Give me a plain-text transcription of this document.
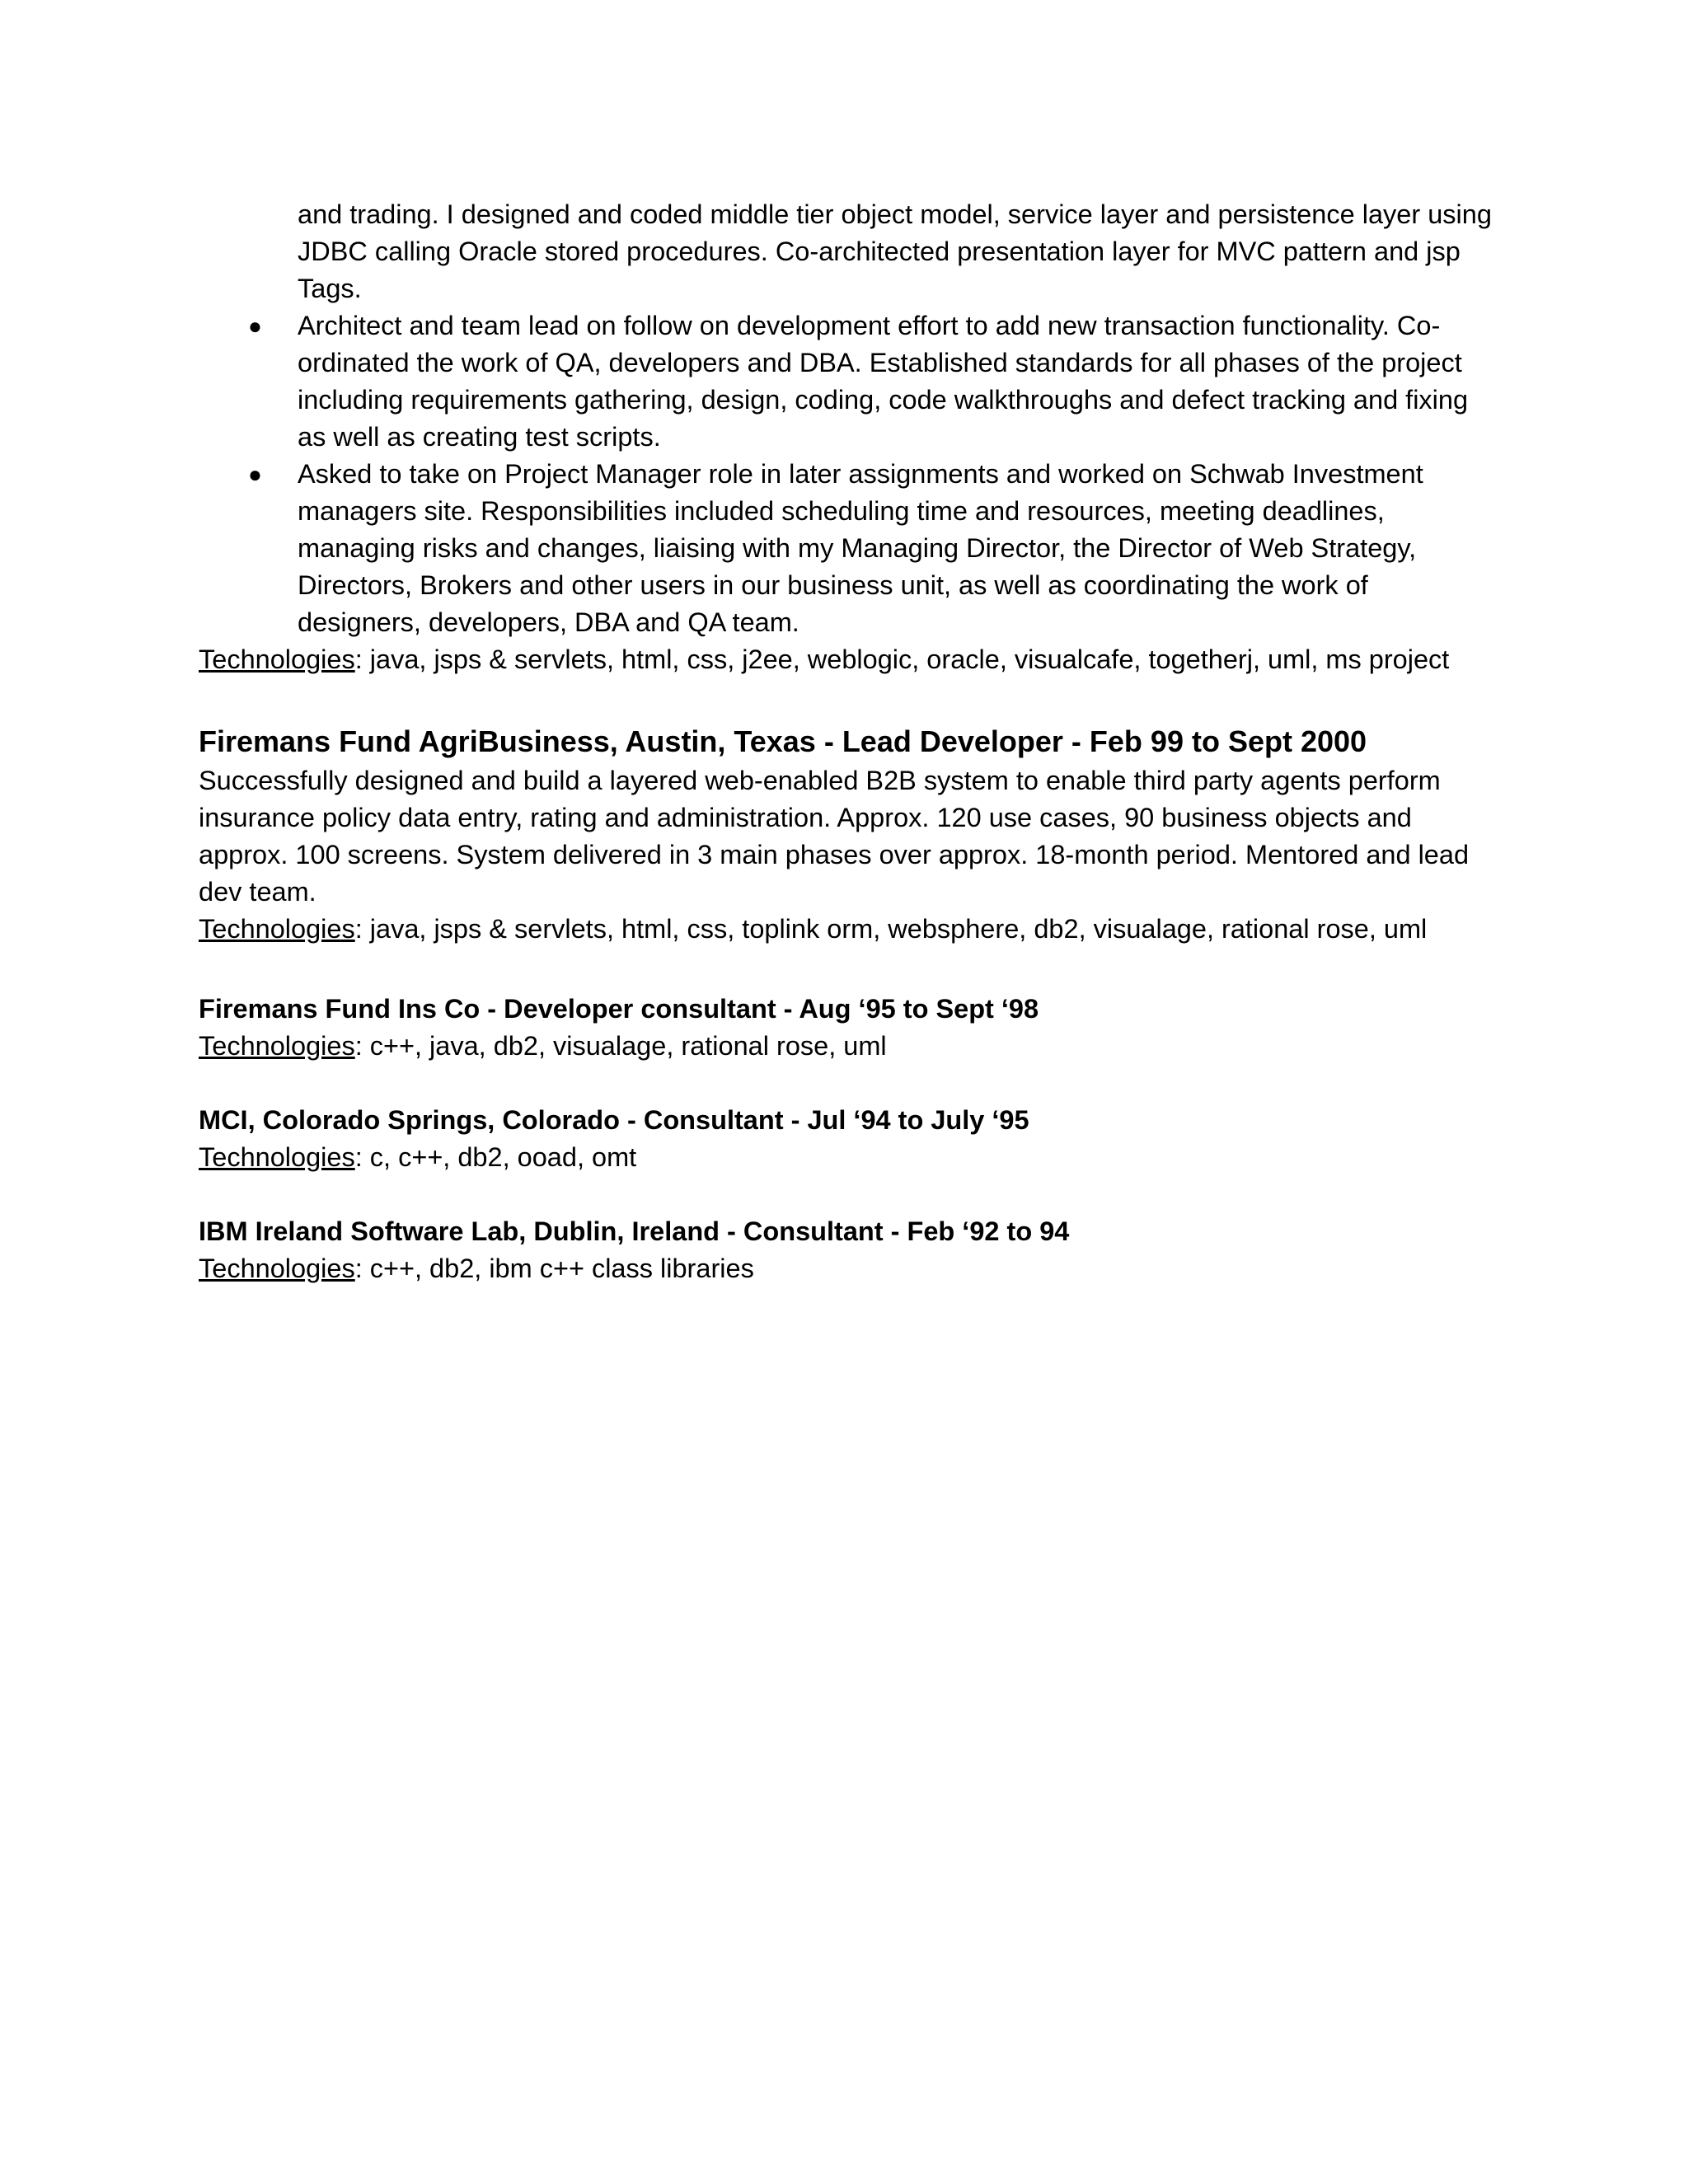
and trading. I designed and coded middle tier object model, service layer and persistence layer using JDBC calling Oracle stored procedures. Co-architected presentation layer for MVC pattern and jsp Tags.

● Architect and team lead on follow on development effort to add new transaction functionality. Co-ordinated the work of QA, developers and DBA. Established standards for all phases of the project including requirements gathering, design, coding, code walkthroughs and defect tracking and fixing as well as creating test scripts.
● Asked to take on Project Manager role in later assignments and worked on Schwab Investment managers site. Responsibilities included scheduling time and resources, meeting deadlines, managing risks and changes, liaising with my Managing Director, the Director of Web Strategy, Directors, Brokers and other users in our business unit, as well as coordinating the work of designers, developers, DBA and QA team.

Technologies: java, jsps & servlets, html, css, j2ee, weblogic, oracle, visualcafe, togetherj, uml, ms project

Firemans Fund AgriBusiness, Austin, Texas - Lead Developer - Feb 99 to Sept 2000

Successfully designed and build a layered web-enabled B2B system to enable third party agents perform insurance policy data entry, rating and administration. Approx. 120 use cases, 90 business objects and approx. 100 screens. System delivered in 3 main phases over approx. 18-month period. Mentored and lead dev team.

Technologies: java, jsps & servlets, html, css, toplink orm, websphere, db2, visualage, rational rose, uml

Firemans Fund Ins Co - Developer consultant - Aug ‘95 to Sept ‘98

Technologies: c++, java, db2, visualage, rational rose, uml

MCI, Colorado Springs, Colorado - Consultant - Jul ‘94 to July ‘95

Technologies: c, c++, db2, ooad, omt

IBM Ireland Software Lab, Dublin, Ireland - Consultant - Feb ‘92 to 94

Technologies: c++, db2, ibm c++ class libraries
